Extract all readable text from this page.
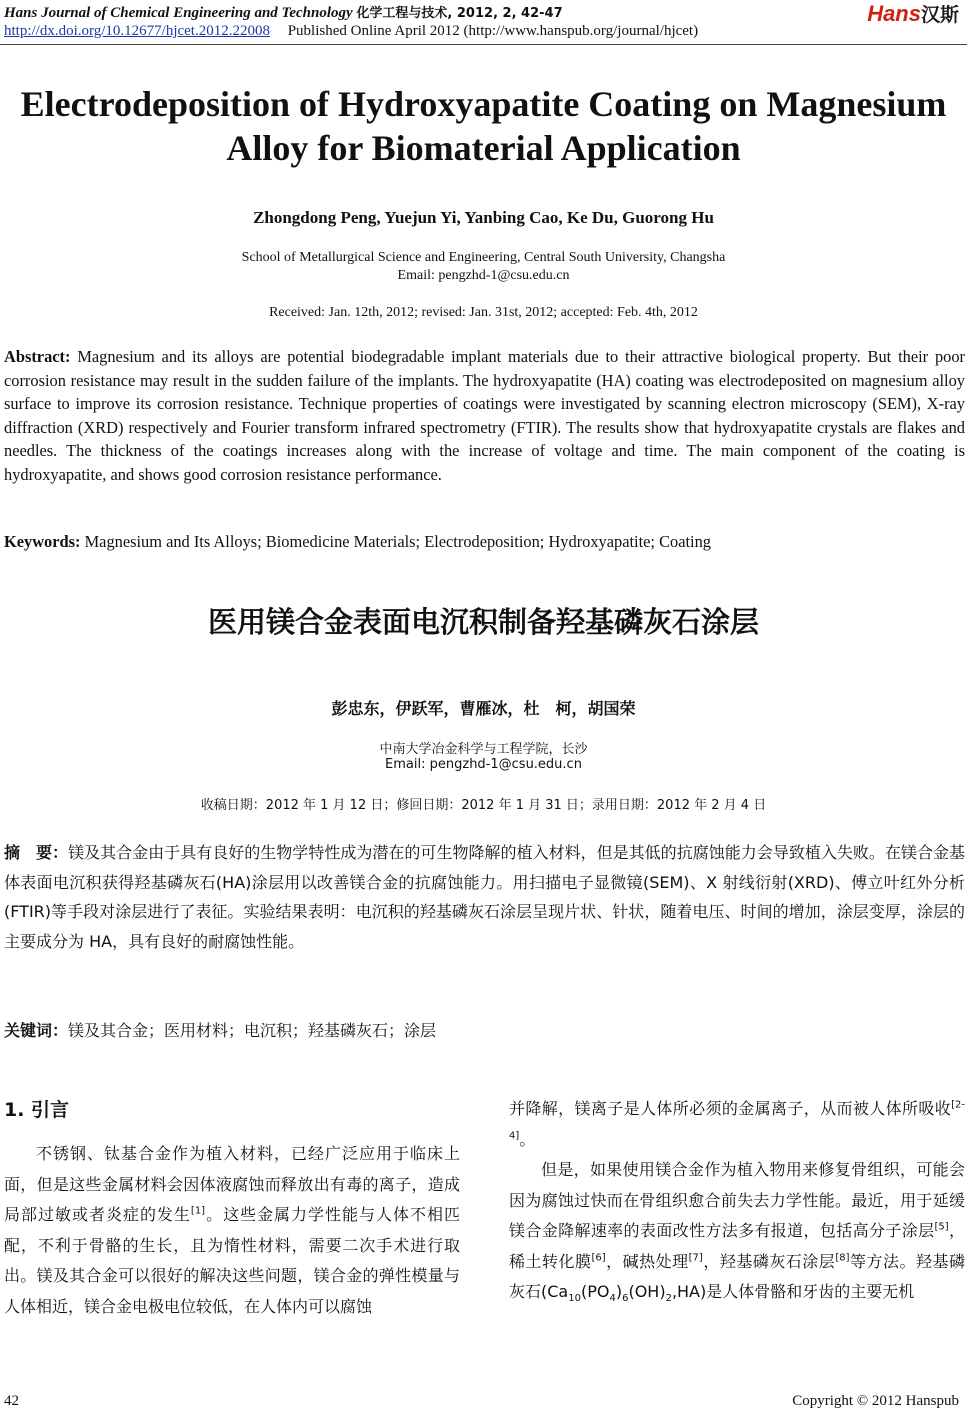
Hans Journal of Chemical Engineering and Technology 化学工程与技术, 2012, 2, 42-47	Hans汉斯
http://dx.doi.org/10.12677/hjcet.2012.22008 Published Online April 2012 (http://www.hanspub.org/journal/hjcet)
Electrodeposition of Hydroxyapatite Coating on Magnesium
Alloy for Biomaterial Application
Zhongdong Peng, Yuejun Yi, Yanbing Cao, Ke Du, Guorong Hu
School of Metallurgical Science and Engineering, Central South University, Changsha
Email: pengzhd-1@csu.edu.cn
Received: Jan. 12th, 2012; revised: Jan. 31st, 2012; accepted: Feb. 4th, 2012
Abstract: Magnesium and its alloys are potential biodegradable implant materials due to their attractive biological property. But their poor corrosion resistance may result in the sudden failure of the implants. The hydroxyapatite (HA) coating was electrodeposited on magnesium alloy surface to improve its corrosion resistance. Technique properties of coatings were investigated by scanning electron microscopy (SEM), X-ray diffraction (XRD) respectively and Fourier transform infrared spectrometry (FTIR). The results show that hydroxyapatite crystals are flakes and needles. The thickness of the coatings increases along with the increase of voltage and time. The main component of the coating is hydroxyapatite, and shows good corrosion resistance performance.
Keywords: Magnesium and Its Alloys; Biomedicine Materials; Electrodeposition; Hydroxyapatite; Coating
医用镁合金表面电沉积制备羟基磷灰石涂层
彭忠东，伊跃军，曹雁冰，杜　柯，胡国荣
中南大学冶金科学与工程学院，长沙
Email: pengzhd-1@csu.edu.cn
收稿日期：2012 年 1 月 12 日；修回日期：2012 年 1 月 31 日；录用日期：2012 年 2 月 4 日
摘　要：镁及其合金由于具有良好的生物学特性成为潜在的可生物降解的植入材料，但是其低的抗腐蚀能力会导致植入失败。在镁合金基体表面电沉积获得羟基磷灰石(HA)涂层用以改善镁合金的抗腐蚀能力。用扫描电子显微镜(SEM)、X 射线衍射(XRD)、傅立叶红外分析(FTIR)等手段对涂层进行了表征。实验结果表明：电沉积的羟基磷灰石涂层呈现片状、针状，随着电压、时间的增加，涂层变厚，涂层的主要成分为 HA，具有良好的耐腐蚀性能。
关键词：镁及其合金；医用材料；电沉积；羟基磷灰石；涂层
1. 引言

不锈钢、钛基合金作为植入材料，已经广泛应用于临床上面，但是这些金属材料会因体液腐蚀而释放出有毒的离子，造成局部过敏或者炎症的发生[1]。这些金属力学性能与人体不相匹配，不利于骨骼的生长，且为惰性材料，需要二次手术进行取出。镁及其合金可以很好的解决这些问题，镁合金的弹性模量与人体相近，镁合金电极电位较低，在人体内可以腐蚀

并降解，镁离子是人体所必须的金属离子，从而被人体所吸收[2-4]。

但是，如果使用镁合金作为植入物用来修复骨组织，可能会因为腐蚀过快而在骨组织愈合前失去力学性能。最近，用于延缓镁合金降解速率的表面改性方法多有报道，包括高分子涂层[5]，稀土转化膜[6]，碱热处理[7]，羟基磷灰石涂层[8]等方法。羟基磷灰石$(Ca_{10}(PO_4)_6(OH)_2,HA)$是人体骨骼和牙齿的主要无机

42	Copyright © 2012 Hanspub
